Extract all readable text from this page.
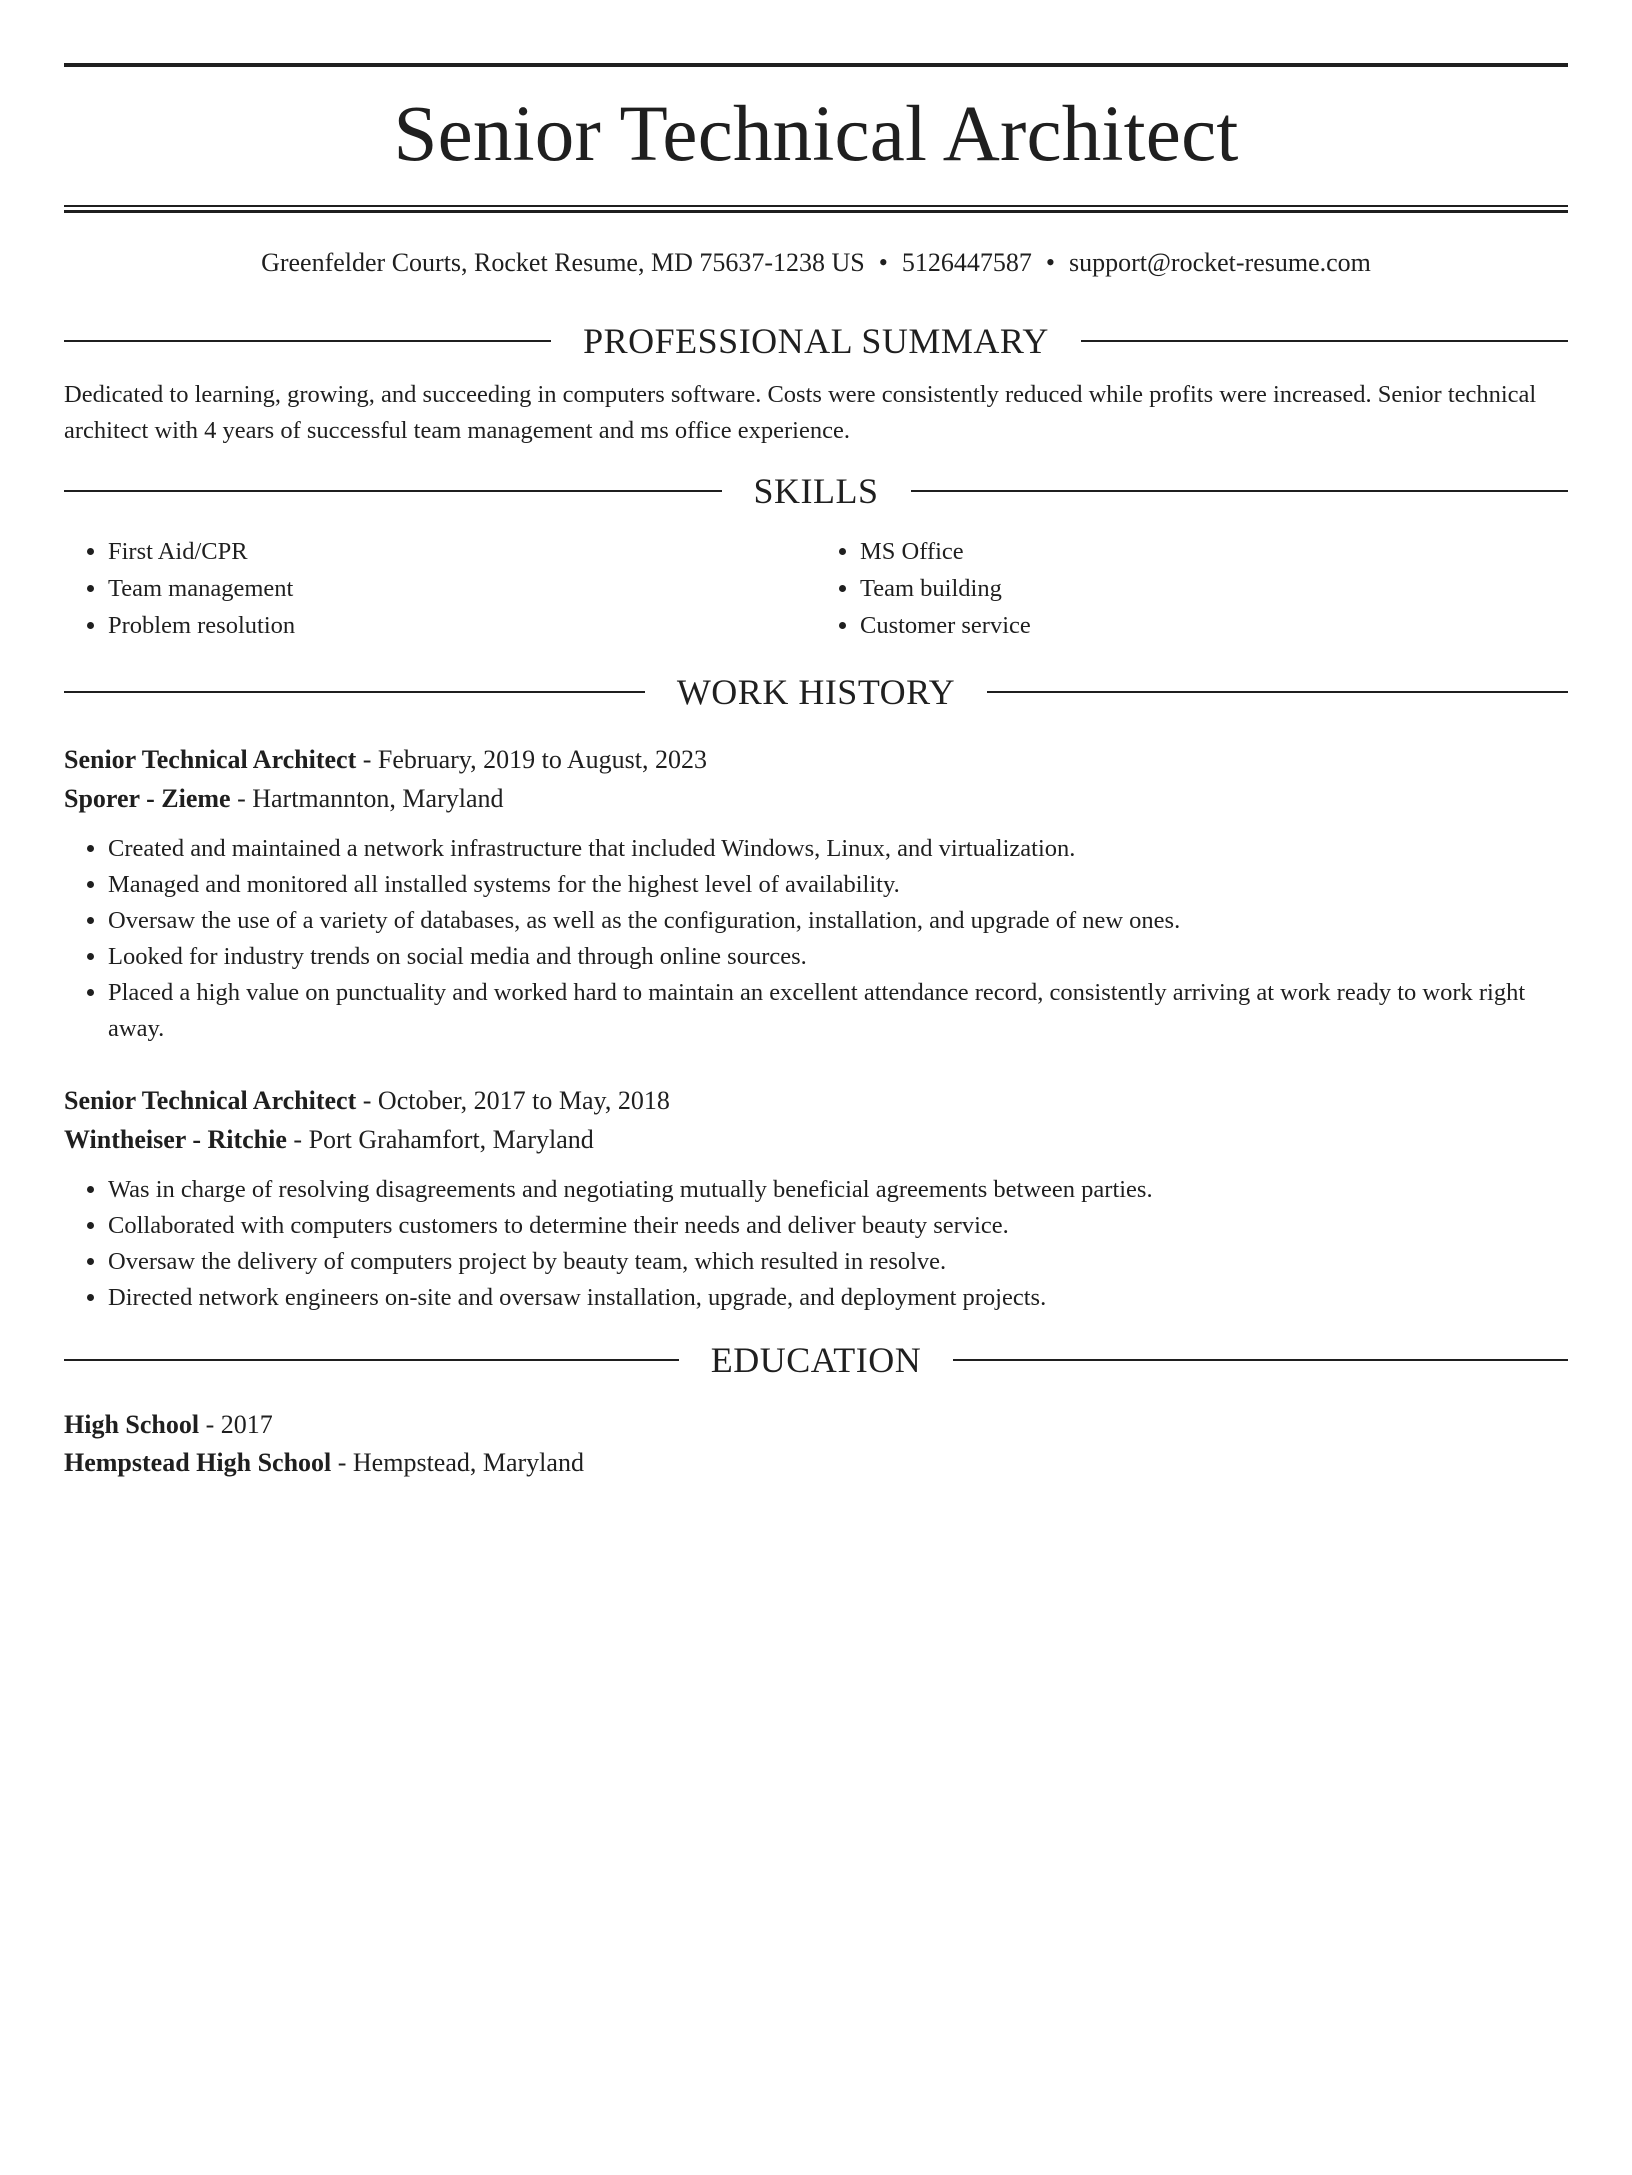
Senior Technical Architect
Greenfelder Courts, Rocket Resume, MD 75637-1238 US • 5126447587 • support@rocket-resume.com
PROFESSIONAL SUMMARY
Dedicated to learning, growing, and succeeding in computers software. Costs were consistently reduced while profits were increased. Senior technical architect with 4 years of successful team management and ms office experience.
SKILLS
• First Aid/CPR
• Team management
• Problem resolution
• MS Office
• Team building
• Customer service
WORK HISTORY
Senior Technical Architect - February, 2019 to August, 2023
Sporer - Zieme - Hartmannton, Maryland
• Created and maintained a network infrastructure that included Windows, Linux, and virtualization.
• Managed and monitored all installed systems for the highest level of availability.
• Oversaw the use of a variety of databases, as well as the configuration, installation, and upgrade of new ones.
• Looked for industry trends on social media and through online sources.
• Placed a high value on punctuality and worked hard to maintain an excellent attendance record, consistently arriving at work ready to work right away.
Senior Technical Architect - October, 2017 to May, 2018
Wintheiser - Ritchie - Port Grahamfort, Maryland
• Was in charge of resolving disagreements and negotiating mutually beneficial agreements between parties.
• Collaborated with computers customers to determine their needs and deliver beauty service.
• Oversaw the delivery of computers project by beauty team, which resulted in resolve.
• Directed network engineers on-site and oversaw installation, upgrade, and deployment projects.
EDUCATION
High School - 2017
Hempstead High School - Hempstead, Maryland
